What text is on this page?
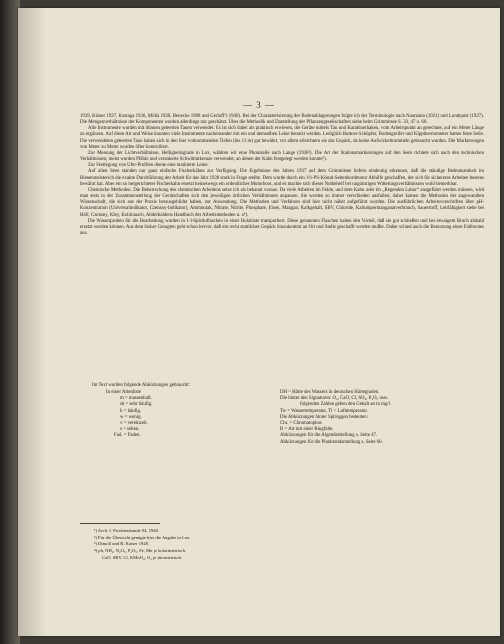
— 3 —

1939, Küster 1937, Kostaga 1936, Mölla 1928, Benecke 1908 und Gerloff¹) 1940). Bei der Charakterisierung der Bodenablagerungen folgte ich der Terminologie nach Naumann (1921) und Lundquist (1927). Die Mengenverhältnisse der Komponenten wurden allerdings nur geschätzt. Über die Methodik und Darstellung der Pflanzengesellschaften siehe beim Grimmitsee S. 33, 47 u. 60.

Alle Instrumente wurden mit dünnen geteerten Tauen verwendet. Es ist sich dabei als praktisch erwiesen, die Geräte mittels Tau und Karabinerhaken, vom Arbeitspunkt an gerechnet, auf ein Meter Länge zu ergänzen. Auf diese Art und Weise konnten viele Instrumente nacheinander mit ein und demselben Leine benutzt werden. Lediglich Ruttner-Schöpfer, Bodengreifer und Kippthermometer hatten feste Seile. Die verwendeten geteerten Taue haben sich in den hier vorkommenden Tiefen (bis 11 m) gut bewährt, vor allem erleichtern sie das Gepäck, da keine Aufwickeltrommeln gebraucht wurden. Die Markierungen von Meter zu Meter wurden öfter kontrolliert.

Zur Messung der Lichtverhältnisse, Helligkeitsgrade in Lux, wählten wir eine Photozelle nach Lange (1930²). Die Art der Stationsmarkierungen auf den Seen richtete sich nach den technischen Verhältnissen; meist wurden Pfähle und verankerte Schwimmkreuze verwendet, an denen der Kahn festgelegt werden konnte³).

Zur Festlegung von Ufer-Profilen diente eine markierte Leine.

Auf allen Seen standen nur ganz einfache Fischerkähne zur Verfügung. Die Ergebnisse des Jahres 1937 auf dem Grimmitsee liefern eindeutig erkennen, daß die ständige Bedeutsamkeit im Bienenmeisterich die exakte Durchführung der Arbeit für das Jahr 1938 stark in Frage stellte. Dem wurde durch ein 1½-PS-Köstal-Seitenbordmotor Abhilfe geschaffen, der sich für sichereres Arbeiten bestens bewährt hat. Aber ein so hergerichteter Fischerkahn ersetzt keineswegs ein ordentliches Motorboot, und es machte sich dieser Notbehelf bei ungünstigen Witterungsverhältnissen wohl bemerkbar.

Chemische Methoden. Die Beherrschung des chemischen Arbeitens setze ich als bekannt voraus. Da viele Arbeiten im Felde, und dem Kahn oder im „Regenden Labor“ ausgeführt werden müssen, wird man stets in der Zusammenstellung der Gerätschaften sich den jeweiligen örtlichen Verhältnissen anpassen. Sie werden so immer verschieden ausfallen; daher kamen die Methoden der angewandten Wissenschaft, die sich aus der Praxis herausgebildet haben, zur Anwendung. Die Methoden und Verfahren sind hier nicht näher aufgeführt worden. Die ausführlichen Arbeitsvorschriften über pH-Konzentration (Universalindikator, Czensny-Indikator), Ammoniak, Nitrate, Nitrite, Phosphate, Eisen, Mangan, Kalkgehalt, SBV, Chloride, Kaliumpermanganatverbrauch, Sauerstoff, Leitfähigkeit siehe bei Höll, Czensny, Kley, Kohlrausch, Abderhaldens Handbuch der Arbeitsmethoden u. a⁴).

Die Wasserproben für die Bearbeitung wurden in 1-l-Spirituflaschen in einer Holzkiste transportiert. Diese genannten Flaschen haben den Vorteil, daß sie gut schließen und bei etwaigem Bruch alsbald ersetzt werden können. Aus dem bisher Gesagten geht schon hervor, daß ein recht stattliches Gepäck hinzukommt an Ort und Stelle geschafft werden mußte. Daher schied auch die Benutzung eines Faltbootes aus.

Im Text wurden folgende Abkürzungen gebraucht:
In einer Artenliste
m = massenhaft.
sh = sehr häufig.
h = häufig.
w = wenig.
v = vereinzelt.
s = selten.
Fad. = Faden.
DH = Härte des Wassers in deutschen Härtegraden.
Die hinter den Signaturen: O₂, CaO, Cl, SO₄, P₂O₅ usw.
folgenden Zahlen geben den Gehalt an in mg/l.
Tw = Wassertemperatur, Tl = Lufttemperatur.
Die Abkürzungen hinter Spiroggen bedeuten:
Chr. = Chromatophor.
R = Art mit einer Ringfalte.
Abkürzungen für die Algendarstellung s. Seite 47.
Abkürzungen für die Planktondarstellung s. Seite 60.
¹) Arch. f. Protistenkunde 94, 1940.
²) Für die Übersicht genügte hier die Angabe in Lux.
³) Dimoll und R. Kaiser 1928.
⁴) ph, NH₄, N₂O₅, P₂O₅, Fe, Mn je kolorimetrisch.
CaO, SBV, Cl, KMnO₄, O₂ je titrometrisch.
